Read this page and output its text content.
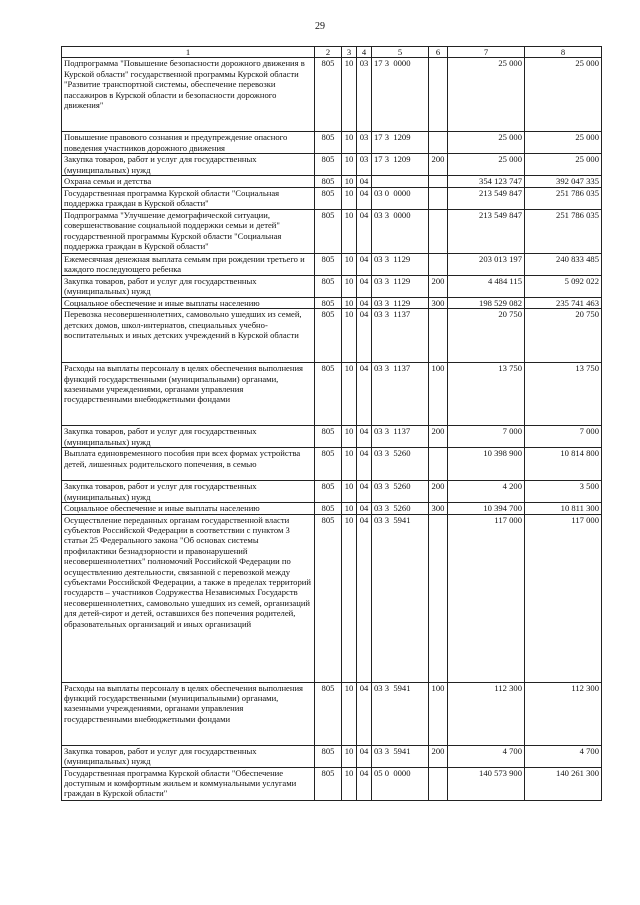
29
1	2	3	4	5	6	7	8
Подпрограмма "Повышение безопасности дорожного движения в Курской области" государственной программы Курской области "Развитие транспортной системы, обеспечение перевозки пассажиров в Курской области и безопасности дорожного движения"	805	10	03	17 3  0000		25 000	25 000
Повышение правового сознания и предупреждение опасного поведения участников дорожного движения	805	10	03	17 3  1209		25 000	25 000
Закупка товаров, работ и услуг для государственных (муниципальных) нужд	805	10	03	17 3  1209	200	25 000	25 000
Охрана семьи и детства	805	10	04			354 123 747	392 047 335
Государственная программа Курской области "Социальная поддержка граждан в Курской области"	805	10	04	03 0  0000		213 549 847	251 786 035
Подпрограмма "Улучшение демографической ситуации, совершенствование социальной поддержки семьи и детей" государственной программы Курской области "Социальная поддержка граждан в Курской области"	805	10	04	03 3  0000		213 549 847	251 786 035
Ежемесячная денежная выплата семьям при рождении третьего и каждого последующего ребенка	805	10	04	03 3  1129		203 013 197	240 833 485
Закупка товаров, работ и услуг для государственных (муниципальных) нужд	805	10	04	03 3  1129	200	4 484 115	5 092 022
Социальное обеспечение и иные выплаты населению	805	10	04	03 3  1129	300	198 529 082	235 741 463
Перевозка несовершеннолетних, самовольно ушедших из семей, детских домов, школ-интернатов, специальных учебно-воспитательных и иных детских учреждений в Курской области	805	10	04	03 3  1137		20 750	20 750
Расходы на выплаты персоналу в целях обеспечения выполнения функций государственными (муниципальными) органами, казенными учреждениями, органами управления государственными внебюджетными фондами	805	10	04	03 3  1137	100	13 750	13 750
Закупка товаров, работ и услуг для государственных (муниципальных) нужд	805	10	04	03 3  1137	200	7 000	7 000
Выплата единовременного пособия при всех формах устройства детей, лишенных родительского попечения, в семью	805	10	04	03 3  5260		10 398 900	10 814 800
Закупка товаров, работ и услуг для государственных (муниципальных) нужд	805	10	04	03 3  5260	200	4 200	3 500
Социальное обеспечение и иные выплаты населению	805	10	04	03 3  5260	300	10 394 700	10 811 300
Осуществление переданных органам государственной власти субъектов Российской Федерации в соответствии с пунктом 3 статьи 25 Федерального закона "Об основах системы профилактики безнадзорности и правонарушений несовершеннолетних" полномочий Российской Федерации по осуществлению деятельности, связанной с перевозкой между субъектами Российской Федерации, а также в пределах территорий государств – участников Содружества Независимых Государств несовершеннолетних, самовольно ушедших из семей, организаций для детей-сирот и детей, оставшихся без попечения родителей, образовательных организаций и иных организаций	805	10	04	03 3  5941		117 000	117 000
Расходы на выплаты персоналу в целях обеспечения выполнения функций государственными (муниципальными) органами, казенными учреждениями, органами управления государственными внебюджетными фондами	805	10	04	03 3  5941	100	112 300	112 300
Закупка товаров, работ и услуг для государственных (муниципальных) нужд	805	10	04	03 3  5941	200	4 700	4 700
Государственная программа Курской области "Обеспечение доступным и комфортным жильем и коммунальными услугами граждан в Курской области"	805	10	04	05 0  0000		140 573 900	140 261 300
